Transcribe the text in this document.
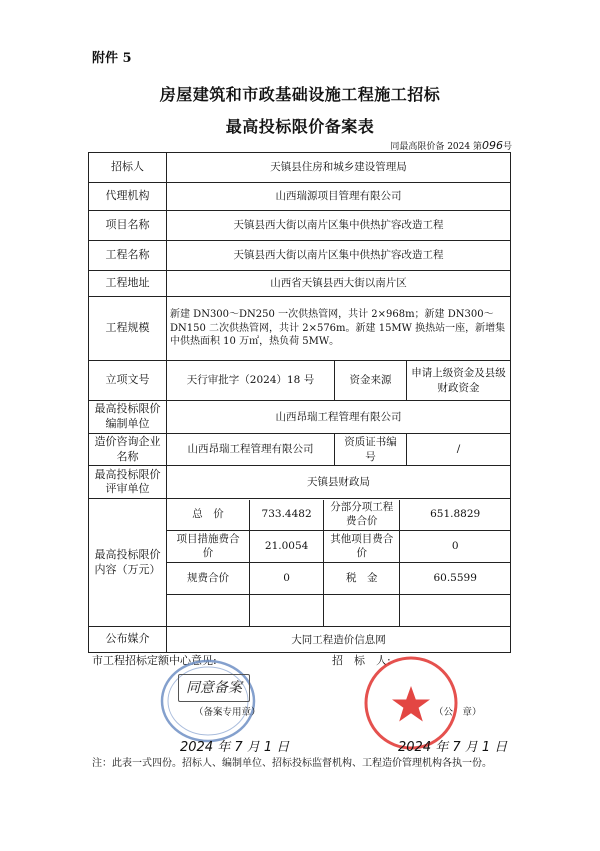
附件 5
房屋建筑和市政基础设施工程施工招标
最高投标限价备案表
同最高限价备 2024 第096号
招标人	天镇县住房和城乡建设管理局
代理机构	山西瑞源项目管理有限公司
项目名称	天镇县西大街以南片区集中供热扩容改造工程
工程名称	天镇县西大街以南片区集中供热扩容改造工程
工程地址	山西省天镇县西大街以南片区
工程规模	新建 DN300～DN250 一次供热管网，共计 2×968m；新建 DN300～DN150 二次供热管网，共计 2×576m。新建 15MW 换热站一座，新增集中供热面积 10 万㎡，热负荷 5MW。
立项文号	天行审批字（2024）18 号	资金来源	申请上级资金及县级财政资金
最高投标限价编制单位	山西昂瑞工程管理有限公司
造价咨询企业名称	山西昂瑞工程管理有限公司	资质证书编　　号	/
最高投标限价评审单位	天镇县财政局
最高投标限价内容（万元）	
总　价	733.4482	分部分项工程费合价	651.8829
项目措施费合　价	21.0054	其他项目费合价	0
规费合价	0	税　金	60.5599

公布媒介	大同工程造价信息网
市工程招标定额中心意见:
同意备案
（备案专用章）
2024 年 7 月 1 日
招　标　人:
（公　章）
2024 年 7 月 1 日
注：此表一式四份。招标人、编制单位、招标投标监督机构、工程造价管理机构各执一份。
